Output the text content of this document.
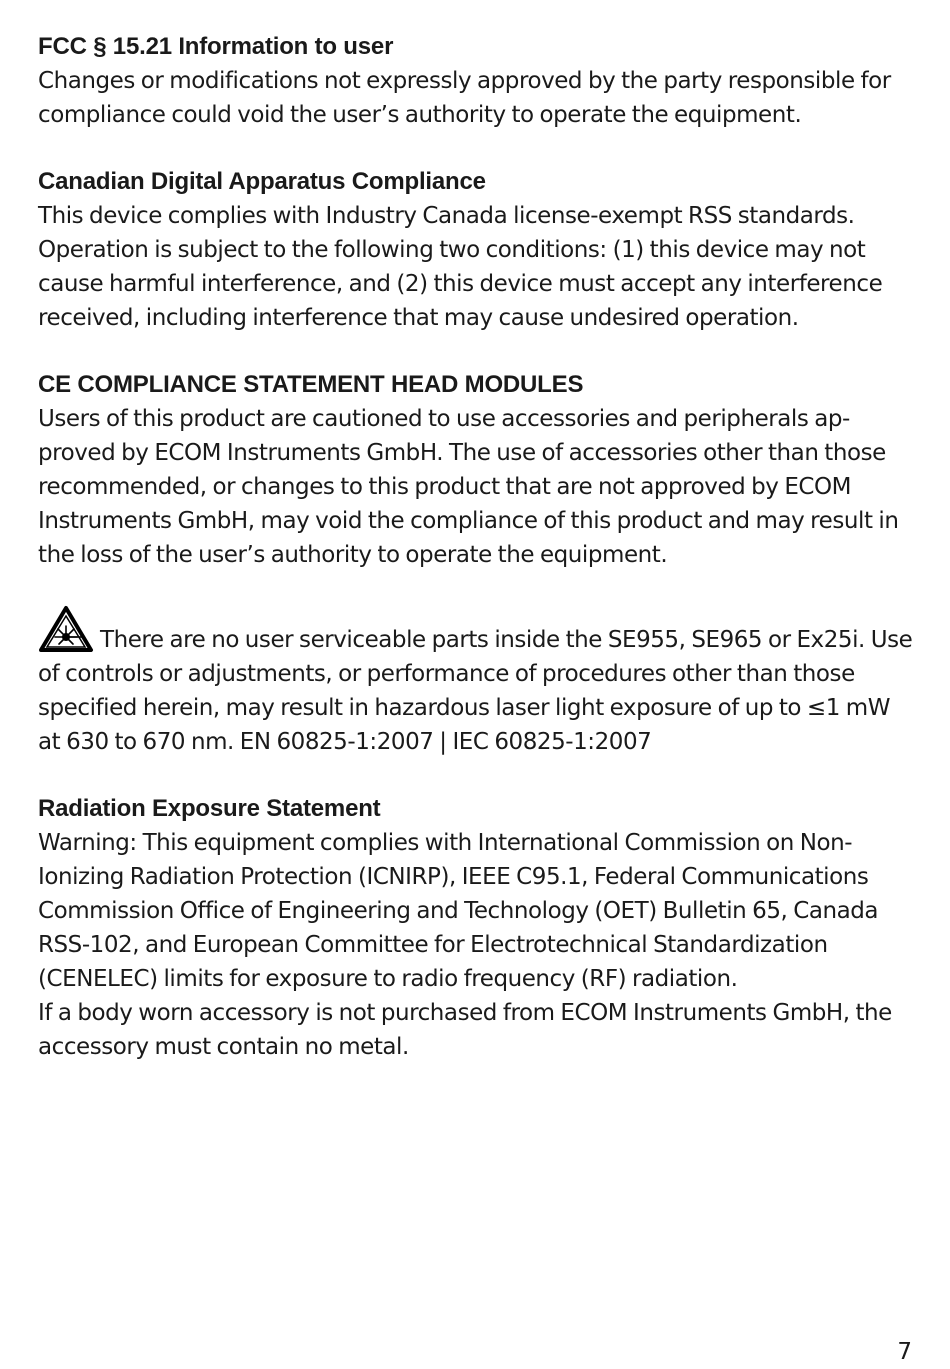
FCC § 15.21 Information to user

Changes or modifications not expressly approved by the party responsible for compliance could void the user’s authority to operate the equipment.

Canadian Digital Apparatus Compliance

This device complies with Industry Canada license-exempt RSS standards. Operation is subject to the following two conditions: (1) this device may not cause harmful interference, and (2) this device must accept any interference received, including interference that may cause undesired operation.

CE COMPLIANCE STATEMENT HEAD MODULES

Users of this product are cautioned to use accessories and peripherals ap-proved by ECOM Instruments GmbH. The use of accessories other than those recommended, or changes to this product that are not approved by ECOM Instruments GmbH, may void the compliance of this product and may result in the loss of the user’s authority to operate the equipment.

There are no user serviceable parts inside the SE955, SE965 or Ex25i. Use of controls or adjustments, or performance of procedures other than those specified herein, may result in hazardous laser light exposure of up to ≤1 mW at 630 to 670 nm. EN 60825-1:2007 | IEC 60825-1:2007

Radiation Exposure Statement

Warning: This equipment complies with International Commission on Non-Ionizing Radiation Protection (ICNIRP), IEEE C95.1, Federal Communications Commission Office of Engineering and Technology (OET) Bulletin 65, Canada RSS-102, and European Committee for Electrotechnical Standardization (CENELEC) limits for exposure to radio frequency (RF) radiation.

If a body worn accessory is not purchased from ECOM Instruments GmbH, the accessory must contain no metal.

7
